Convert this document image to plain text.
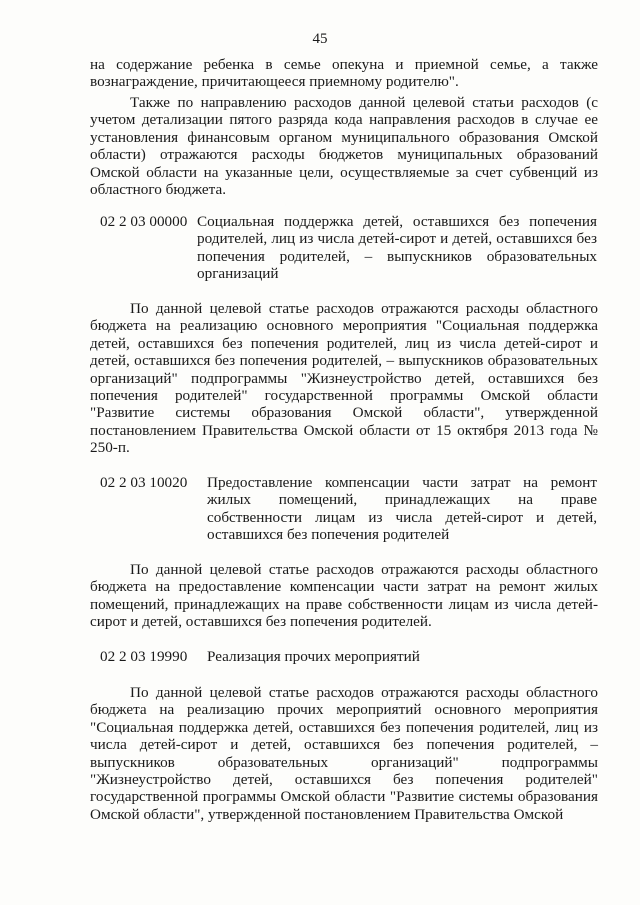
45

на содержание ребенка в семье опекуна и приемной семье, а также вознаграждение, причитающееся приемному родителю".

Также по направлению расходов данной целевой статьи расходов (с учетом детализации пятого разряда кода направления расходов в случае ее установления финансовым органом муниципального образования Омской области) отражаются расходы бюджетов муниципальных образований Омской области на указанные цели, осуществляемые за счет субвенций из областного бюджета.

02 2 03 00000 Социальная поддержка детей, оставшихся без попечения родителей, лиц из числа детей-сирот и детей, оставшихся без попечения родителей, – выпускников образовательных организаций

По данной целевой статье расходов отражаются расходы областного бюджета на реализацию основного мероприятия "Социальная поддержка детей, оставшихся без попечения родителей, лиц из числа детей-сирот и детей, оставшихся без попечения родителей, – выпускников образовательных организаций" подпрограммы "Жизнеустройство детей, оставшихся без попечения родителей" государственной программы Омской области "Развитие системы образования Омской области", утвержденной постановлением Правительства Омской области от 15 октября 2013 года № 250-п.

02 2 03 10020 Предоставление компенсации части затрат на ремонт жилых помещений, принадлежащих на праве собственности лицам из числа детей-сирот и детей, оставшихся без попечения родителей

По данной целевой статье расходов отражаются расходы областного бюджета на предоставление компенсации части затрат на ремонт жилых помещений, принадлежащих на праве собственности лицам из числа детей-сирот и детей, оставшихся без попечения родителей.

02 2 03 19990 Реализация прочих мероприятий

По данной целевой статье расходов отражаются расходы областного бюджета на реализацию прочих мероприятий основного мероприятия "Социальная поддержка детей, оставшихся без попечения родителей, лиц из числа детей-сирот и детей, оставшихся без попечения родителей, – выпускников образовательных организаций" подпрограммы "Жизнеустройство детей, оставшихся без попечения родителей" государственной программы Омской области "Развитие системы образования Омской области", утвержденной постановлением Правительства Омской
